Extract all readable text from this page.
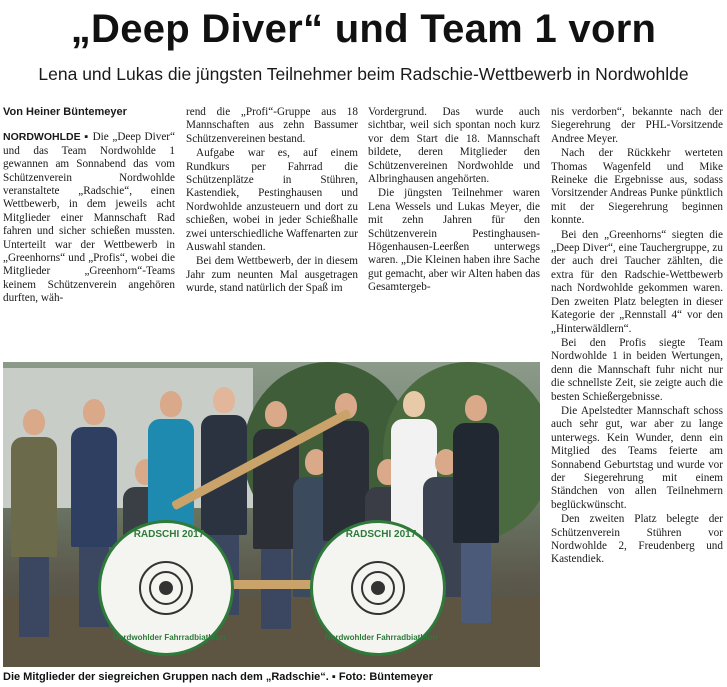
„Deep Diver“ und Team 1 vorn
Lena und Lukas die jüngsten Teilnehmer beim Radschie-Wettbewerb in Nordwohlde
Von Heiner Büntemeyer

NORDWOHLDE ▪ Die „Deep Diver“ und das Team Nordwohlde 1 gewannen am Sonnabend das vom Schützenverein Nordwohlde veranstaltete „Radschie“, einen Wettbewerb, in dem jeweils acht Mitglieder einer Mannschaft Rad fahren und sicher schießen mussten. Unterteilt war der Wettbewerb in „Greenhorns“ und „Profis“, wobei die Mitglieder „Greenhorn“-Teams keinem Schützenverein angehören durften, wäh-

rend die „Profi“-Gruppe aus 18 Mannschaften aus zehn Bassumer Schützenvereinen bestand.

Aufgabe war es, auf einem Rundkurs per Fahrrad die Schützenplätze in Stühren, Kastendiek, Pestinghausen und Nordwohlde anzusteuern und dort zu schießen, wobei in jeder Schießhalle zwei unterschiedliche Waffenarten zur Auswahl standen.

Bei dem Wettbewerb, der in diesem Jahr zum neunten Mal ausgetragen wurde, stand natürlich der Spaß im

Vordergrund. Das wurde auch sichtbar, weil sich spontan noch kurz vor dem Start die 18. Mannschaft bildete, deren Mitglieder den Schützenvereinen Nordwohlde und Albringhausen angehörten.

Die jüngsten Teilnehmer waren Lena Wessels und Lukas Meyer, die mit zehn Jahren für den Schützenverein Pestinghausen-Högenhausen-Leerßen unterwegs waren. „Die Kleinen haben ihre Sache gut gemacht, aber wir Alten haben das Gesamtergeb-

nis verdorben“, bekannte nach der Siegerehrung der PHL-Vorsitzende Andree Meyer.

Nach der Rückkehr werteten Thomas Wagenfeld und Mike Reineke die Ergebnisse aus, sodass Vorsitzender Andreas Punke pünktlich mit der Siegerehrung beginnen konnte.

Bei den „Greenhorns“ siegten die „Deep Diver“, eine Tauchergruppe, zu der auch drei Taucher zählten, die extra für den Radschie-Wettbewerb nach Nordwohlde gekommen waren. Den zweiten Platz belegten in dieser Kategorie der „Rennstall 4“ vor den „Hinterwäldlern“.

Bei den Profis siegte Team Nordwohlde 1 in beiden Wertungen, denn die Mannschaft fuhr nicht nur die schnellste Zeit, sie zeigte auch die besten Schießergebnisse.

Die Apelstedter Mannschaft schoss auch sehr gut, war aber zu lange unterwegs. Kein Wunder, denn ein Mitglied des Teams feierte am Sonnabend Geburtstag und wurde vor der Siegerehrung mit einem Ständchen von allen Teilnehmern beglückwünscht.

Den zweiten Platz belegte der Schützenverein Stühren vor Nordwohlde 2, Freudenberg und Kastendiek.

RADSCHI 2017
Nordwohlder Fahrradbiathlon
RADSCHI 2017
Nordwohlder Fahrradbiathlon
Die Mitglieder der siegreichen Gruppen nach dem „Radschie“. ▪ Foto: Büntemeyer
